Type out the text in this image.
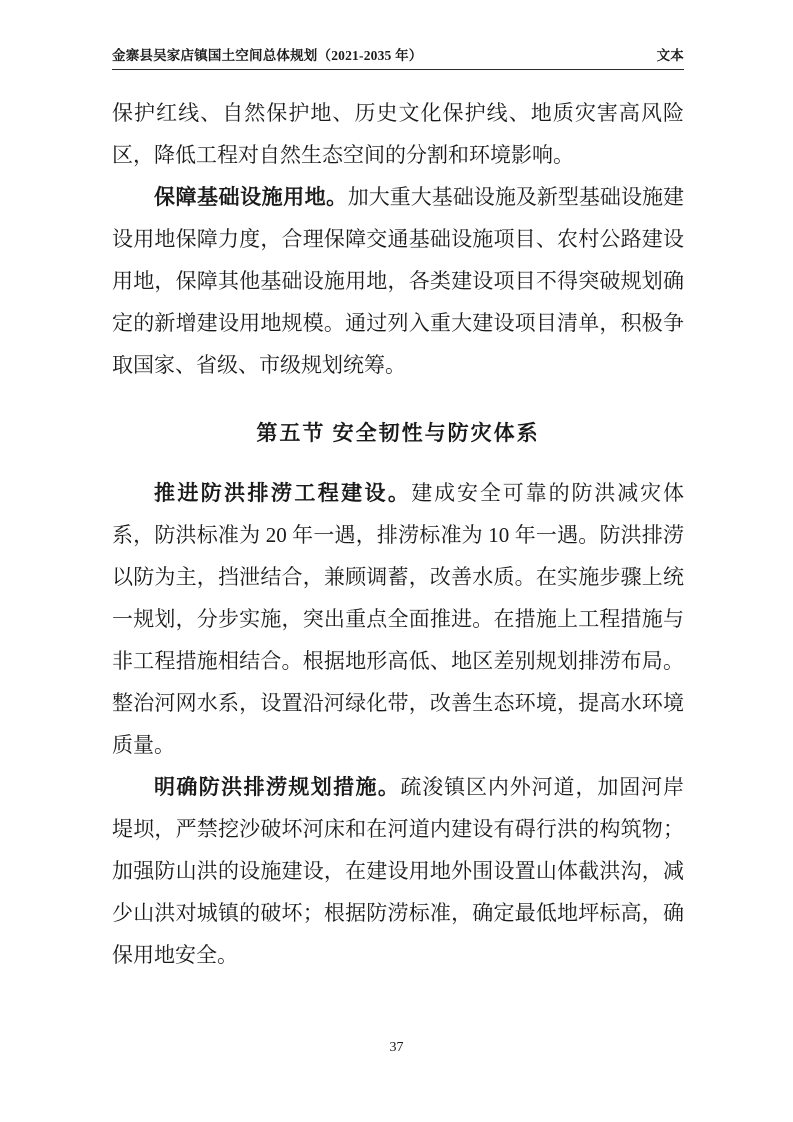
金寨县吴家店镇国土空间总体规划（2021-2035 年）	文本

保护红线、自然保护地、历史文化保护线、地质灾害高风险区，降低工程对自然生态空间的分割和环境影响。

保障基础设施用地。加大重大基础设施及新型基础设施建设用地保障力度，合理保障交通基础设施项目、农村公路建设用地，保障其他基础设施用地，各类建设项目不得突破规划确定的新增建设用地规模。通过列入重大建设项目清单，积极争取国家、省级、市级规划统筹。

第五节 安全韧性与防灾体系

推进防洪排涝工程建设。建成安全可靠的防洪减灾体系，防洪标准为 20 年一遇，排涝标准为 10 年一遇。防洪排涝以防为主，挡泄结合，兼顾调蓄，改善水质。在实施步骤上统一规划，分步实施，突出重点全面推进。在措施上工程措施与非工程措施相结合。根据地形高低、地区差别规划排涝布局。整治河网水系，设置沿河绿化带，改善生态环境，提高水环境质量。

明确防洪排涝规划措施。疏浚镇区内外河道，加固河岸堤坝，严禁挖沙破坏河床和在河道内建设有碍行洪的构筑物；加强防山洪的设施建设，在建设用地外围设置山体截洪沟，减少山洪对城镇的破坏；根据防涝标准，确定最低地坪标高，确保用地安全。

37
